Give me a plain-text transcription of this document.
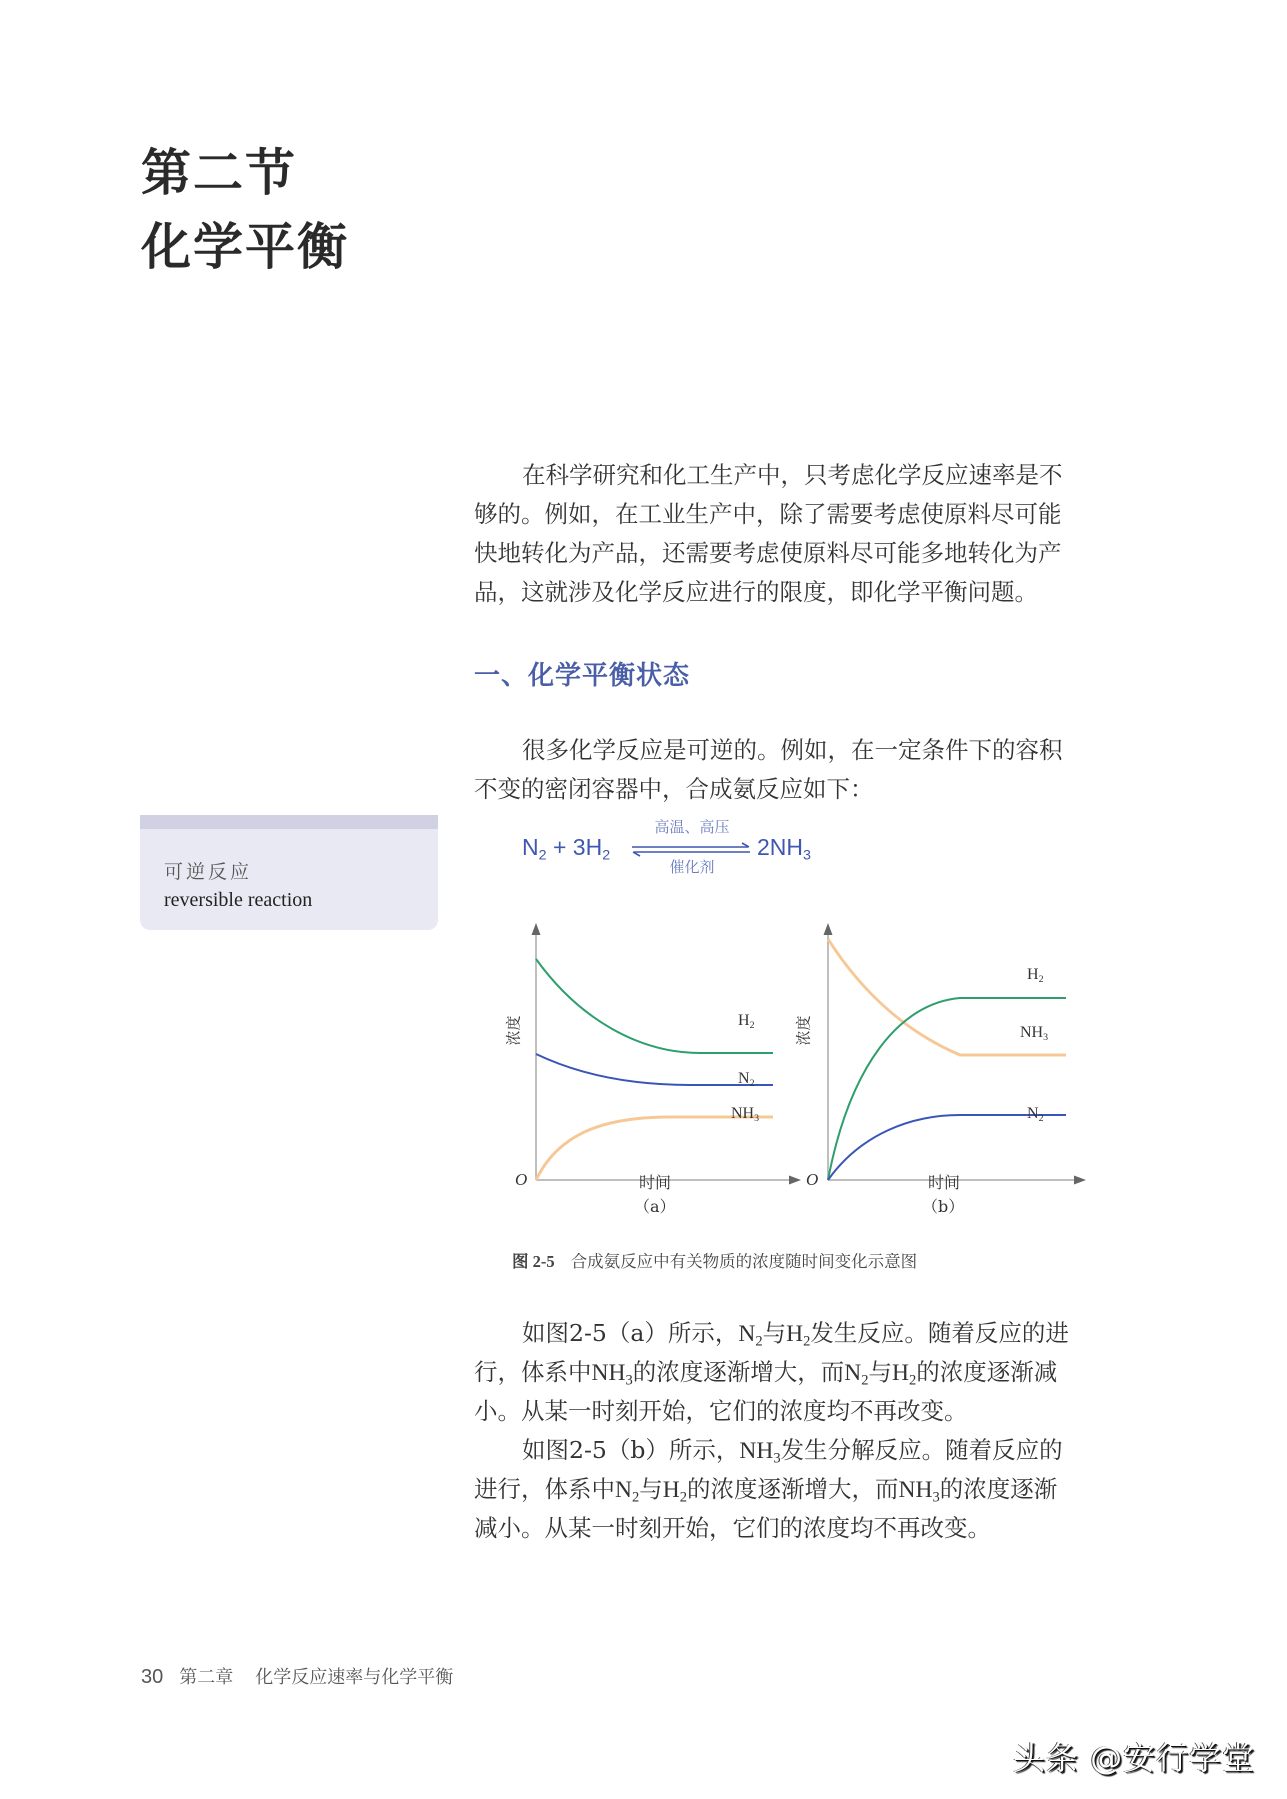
第二节
化学平衡
在科学研究和化工生产中，只考虑化学反应速率是不
够的。例如，在工业生产中，除了需要考虑使原料尽可能
快地转化为产品，还需要考虑使原料尽可能多地转化为产
品，这就涉及化学反应进行的限度，即化学平衡问题。
一、化学平衡状态
很多化学反应是可逆的。例如，在一定条件下的容积
不变的密闭容器中，合成氨反应如下：
可逆反应
reversible reaction
$N_2 + 3H_2$
高温、高压
催化剂
$2NH_3$
$H_2$
$N_2$
$NH_3$
浓度
O	时间
（a）
$H_2$
$NH_3$
$N_2$
浓度
O	时间
（b）
图 2-5 合成氨反应中有关物质的浓度随时间变化示意图
如图2-5（a）所示，$N_2$与$H_2$发生反应。随着反应的进
行，体系中$NH_3$的浓度逐渐增大，而$N_2$与$H_2$的浓度逐渐减
小。从某一时刻开始，它们的浓度均不再改变。
如图2-5（b）所示，$NH_3$发生分解反应。随着反应的
进行，体系中$N_2$与$H_2$的浓度逐渐增大，而$NH_3$的浓度逐渐
减小。从某一时刻开始，它们的浓度均不再改变。
30 第二章 化学反应速率与化学平衡
头条 @安行学堂
